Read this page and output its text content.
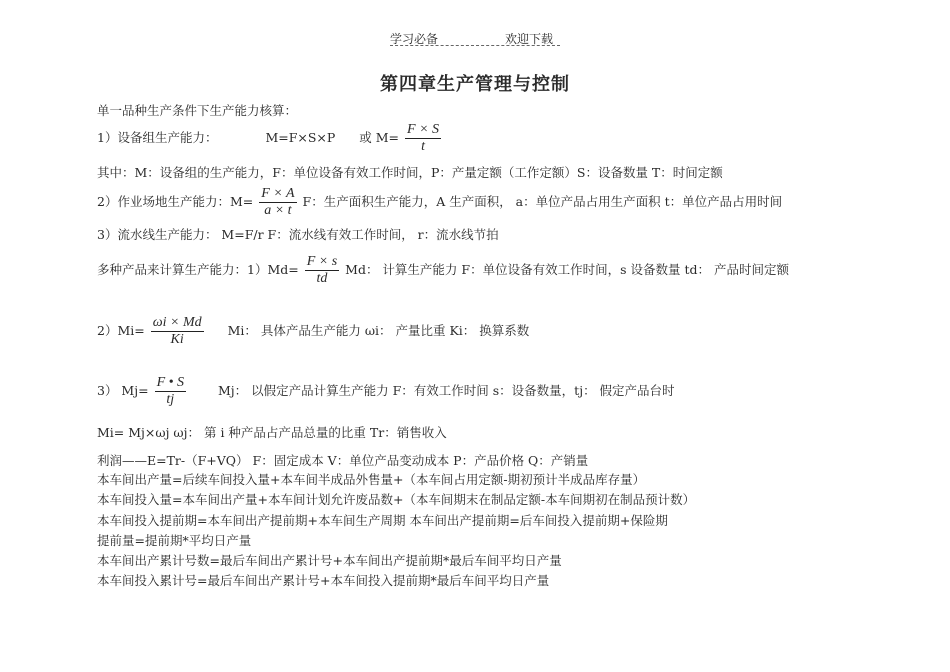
学习必备	欢迎下载
第四章生产管理与控制
单一品种生产条件下生产能力核算：
1）设备组生产能力：	M=F×S×P 或 $M= \frac{F \times S}{t}$
其中：M：设备组的生产能力，F：单位设备有效工作时间，P：产量定额（工作定额）S：设备数量 T：时间定额
2）作业场地生产能力：$M= \frac{F \times A}{a \times t}$ F：生产面积生产能力，A 生产面积， a：单位产品占用生产面积 t：单位产品占用时间
3）流水线生产能力： M=F/r F：流水线有效工作时间， r：流水线节拍
多种产品来计算生产能力：$1)Md= \frac{F \times s}{td}$ Md： 计算生产能力 F：单位设备有效工作时间，s 设备数量 td： 产品时间定额
$2)Mi= \frac{\omega i \times Md}{Ki}$ Mi： 具体产品生产能力 ωi： 产量比重 Ki： 换算系数
3） $Mj= \frac{F • S}{tj}$	Mj： 以假定产品计算生产能力 F：有效工作时间 s：设备数量，tj： 假定产品台时
Mi= Mj×ωj ωj： 第 i 种产品占产品总量的比重 Tr：销售收入
利润——E=Tr-（F+VQ） F：固定成本 V：单位产品变动成本 P：产品价格 Q：产销量
本车间出产量=后续车间投入量+本车间半成品外售量+（本车间占用定额-期初预计半成品库存量）
本车间投入量=本车间出产量+本车间计划允许废品数+（本车间期末在制品定额-本车间期初在制品预计数）
本车间投入提前期=本车间出产提前期+本车间生产周期 本车间出产提前期=后车间投入提前期+保险期
提前量=提前期*平均日产量
本车间出产累计号数=最后车间出产累计号+本车间出产提前期*最后车间平均日产量
本车间投入累计号=最后车间出产累计号+本车间投入提前期*最后车间平均日产量
